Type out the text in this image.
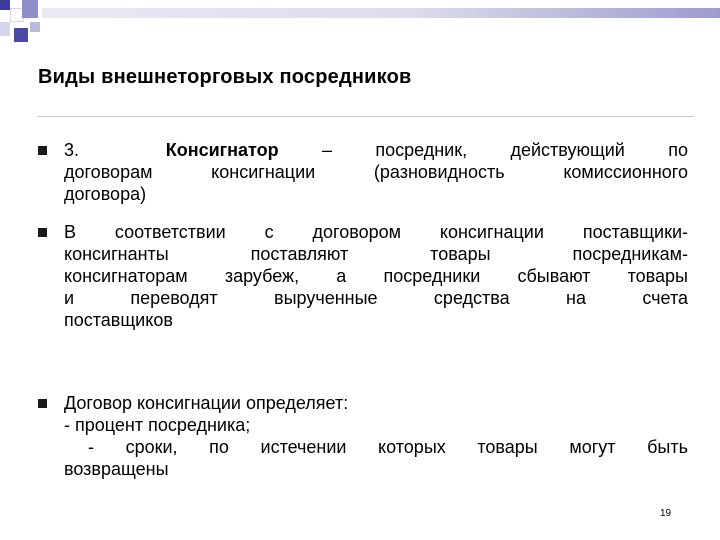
Виды внешнеторговых посредников
3.	Консигнатор – посредник, действующий по
договорам консигнации (разновидность комиссионного
договора)
В соответствии с договором консигнации поставщики-
консигнанты поставляют товары посредникам-
консигнаторам зарубеж, а посредники сбывают товары
и переводят вырученные средства на счета
поставщиков
Договор консигнации определяет:
- процент посредника;
- сроки, по истечении которых товары могут быть
возвращены
19
